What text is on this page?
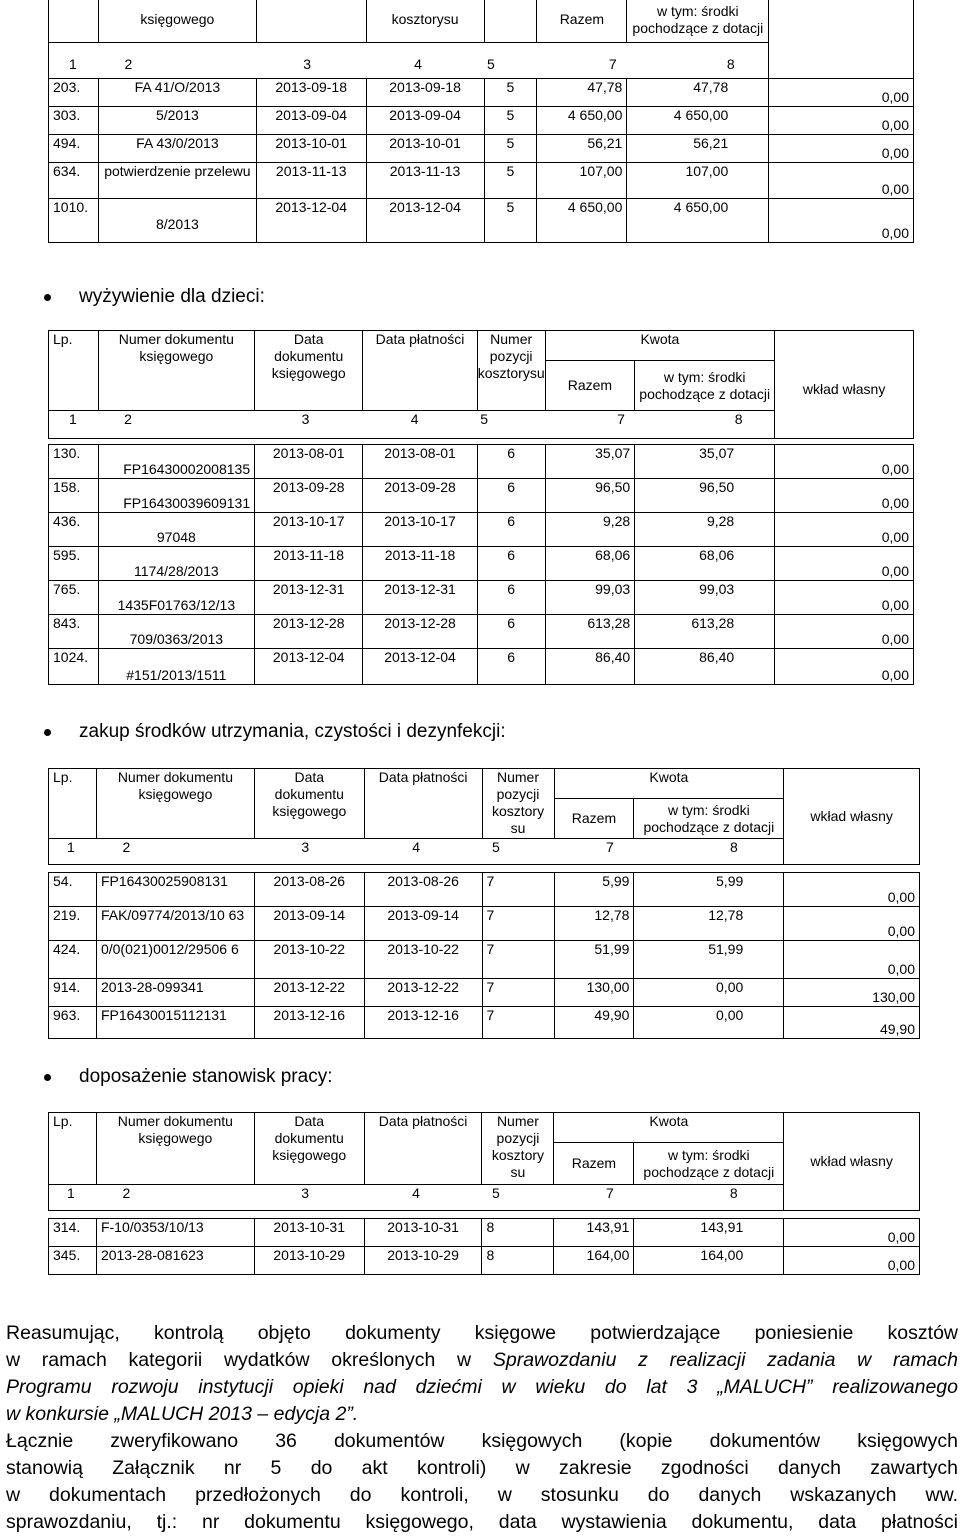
	księgowego		kosztorysu		Razem	w tym: środki pochodzące z dotacji	

1	2	3	4	5	7	8	
203.	FA 41/O/2013	2013-09-18	2013-09-18	5	47,78	47,78	0,00
303.	5/2013	2013-09-04	2013-09-04	5	4 650,00	4 650,00	0,00
494.	FA 43/0/2013	2013-10-01	2013-10-01	5	56,21	56,21	0,00
634.	potwierdzenie przelewu	2013-11-13	2013-11-13	5	107,00	107,00	0,00
1010.	8/2013	2013-12-04	2013-12-04	5	4 650,00	4 650,00	0,00
wyżywienie dla dzieci:
Lp.	Numer dokumentu księgowego	Data dokumentu księgowego	Data płatności	Numer pozycji kosztorysu	Kwota		wkład własny
					Razem	w tym: środki pochodzące z dotacji	
1	2	3	4	5	7	8	

130.	FP16430002008135	2013-08-01	2013-08-01	6	35,07	35,07	0,00
158.	FP16430039609131	2013-09-28	2013-09-28	6	96,50	96,50	0,00
436.	97048	2013-10-17	2013-10-17	6	9,28	9,28	0,00
595.	1174/28/2013	2013-11-18	2013-11-18	6	68,06	68,06	0,00
765.	1435F01763/12/13	2013-12-31	2013-12-31	6	99,03	99,03	0,00
843.	709/0363/2013	2013-12-28	2013-12-28	6	613,28	613,28	0,00
1024.	#151/2013/1511	2013-12-04	2013-12-04	6	86,40	86,40	0,00
zakup środków utrzymania, czystości i dezynfekcji:
Lp.	Numer dokumentu księgowego	Data dokumentu księgowego	Data płatności	Numer pozycji kosztory su	Kwota		wkład własny
					Razem	w tym: środki pochodzące z dotacji	
1	2	3	4	5	7	8	

54.	FP16430025908131	2013-08-26	2013-08-26	7	5,99	5,99	0,00
219.	FAK/09774/2013/10 63	2013-09-14	2013-09-14	7	12,78	12,78	0,00
424.	0/0(021)0012/29506 6	2013-10-22	2013-10-22	7	51,99	51,99	0,00
914.	2013-28-099341	2013-12-22	2013-12-22	7	130,00	0,00	130,00
963.	FP16430015112131	2013-12-16	2013-12-16	7	49,90	0,00	49,90
doposażenie stanowisk pracy:
Lp.	Numer dokumentu księgowego	Data dokumentu księgowego	Data płatności	Numer pozycji kosztory su	Kwota		wkład własny
					Razem	w tym: środki pochodzące z dotacji	
1	2	3	4	5	7	8	

314.	F-10/0353/10/13	2013-10-31	2013-10-31	8	143,91	143,91	0,00
345.	2013-28-081623	2013-10-29	2013-10-29	8	164,00	164,00	0,00
Reasumując, kontrolą objęto dokumenty księgowe potwierdzające poniesienie kosztów
w ramach kategorii wydatków określonych w Sprawozdaniu z realizacji zadania w ramach
Programu rozwoju instytucji opieki nad dziećmi w wieku do lat 3 „MALUCH” realizowanego
w konkursie „MALUCH 2013 – edycja 2”.
Łącznie zweryfikowano 36 dokumentów księgowych (kopie dokumentów księgowych
stanowią Załącznik nr 5 do akt kontroli) w zakresie zgodności danych zawartych
w dokumentach przedłożonych do kontroli, w stosunku do danych wskazanych ww.
sprawozdaniu, tj.: nr dokumentu księgowego, data wystawienia dokumentu, data płatności
